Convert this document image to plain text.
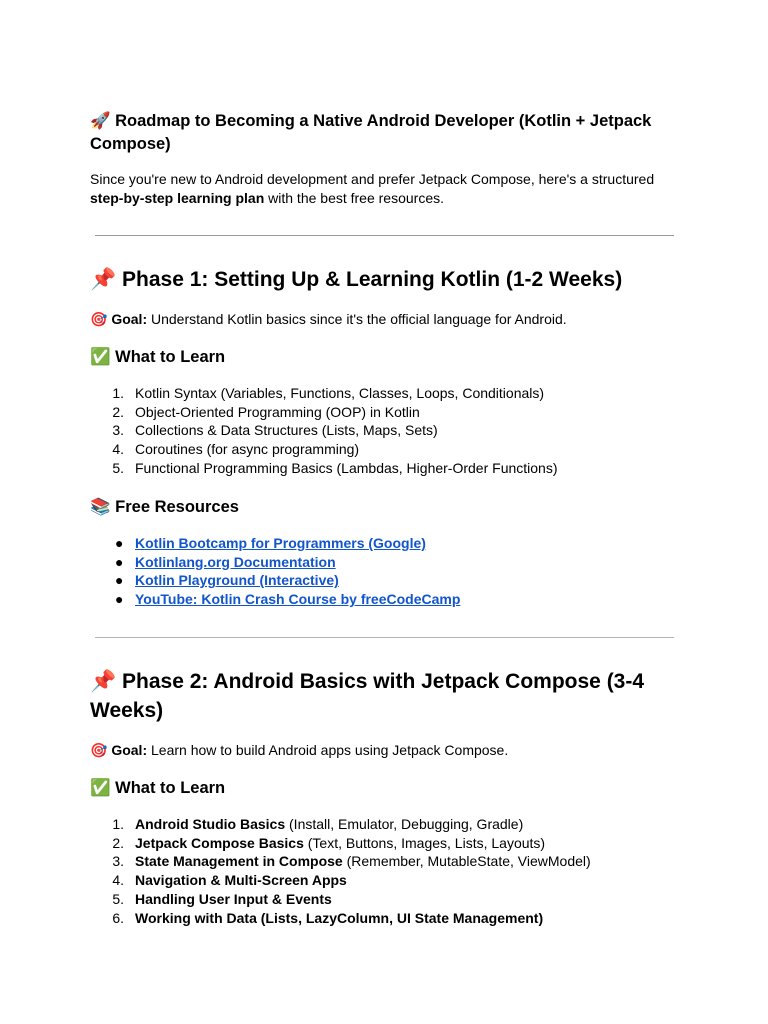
🚀 Roadmap to Becoming a Native Android Developer (Kotlin + Jetpack Compose)

Since you're new to Android development and prefer Jetpack Compose, here's a structured step-by-step learning plan with the best free resources.

📌 Phase 1: Setting Up & Learning Kotlin (1-2 Weeks)

🎯 Goal: Understand Kotlin basics since it's the official language for Android.

✅ What to Learn
1. Kotlin Syntax (Variables, Functions, Classes, Loops, Conditionals)
2. Object-Oriented Programming (OOP) in Kotlin
3. Collections & Data Structures (Lists, Maps, Sets)
4. Coroutines (for async programming)
5. Functional Programming Basics (Lambdas, Higher-Order Functions)
📚 Free Resources
● Kotlin Bootcamp for Programmers (Google)
● Kotlinlang.org Documentation
● Kotlin Playground (Interactive)
● YouTube: Kotlin Crash Course by freeCodeCamp
📌 Phase 2: Android Basics with Jetpack Compose (3-4 Weeks)

🎯 Goal: Learn how to build Android apps using Jetpack Compose.

✅ What to Learn
1. Android Studio Basics (Install, Emulator, Debugging, Gradle)
2. Jetpack Compose Basics (Text, Buttons, Images, Lists, Layouts)
3. State Management in Compose (Remember, MutableState, ViewModel)
4. Navigation & Multi-Screen Apps
5. Handling User Input & Events
6. Working with Data (Lists, LazyColumn, UI State Management)
